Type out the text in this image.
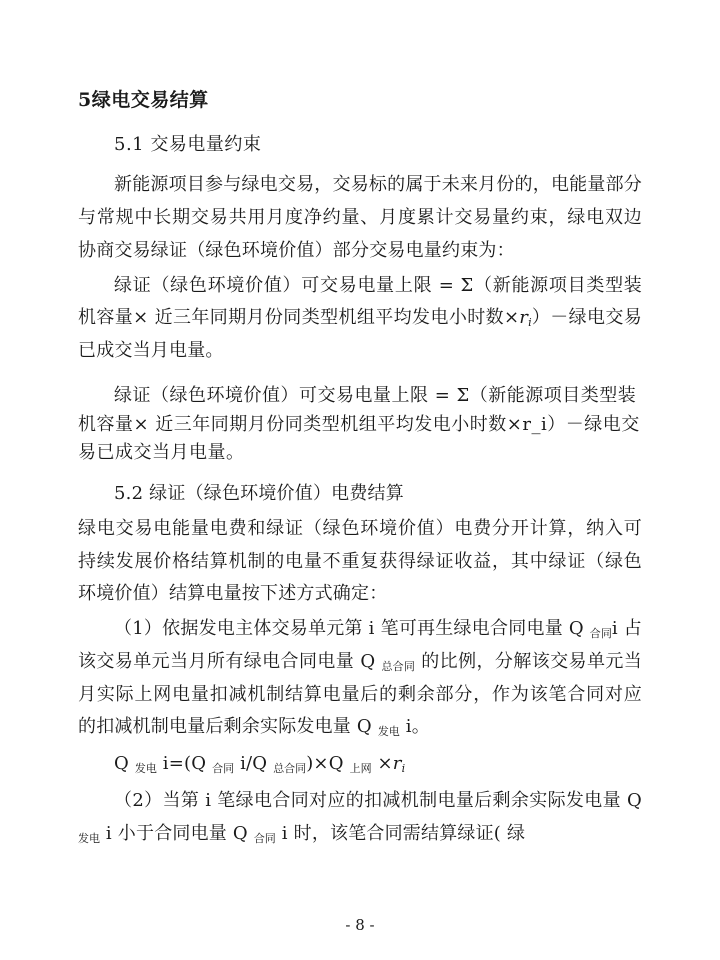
5绿电交易结算
5.1 交易电量约束

新能源项目参与绿电交易，交易标的属于未来月份的，电能量部分与常规中长期交易共用月度净约量、月度累计交易量约束，绿电双边协商交易绿证（绿色环境价值）部分交易电量约束为：

绿证（绿色环境价值）可交易电量上限 = Σ（新能源项目类型装机容量× 近三年同期月份同类型机组平均发电小时数$\times r_i)-$绿电交易已成交当月电量。

绿证（绿色环境价值）可交易电量上限 = Σ（新能源项目类型装机容量× 近三年同期月份同类型机组平均发电小时数×r_i）－绿电交易已成交当月电量。

5.2 绿证（绿色环境价值）电费结算

绿电交易电能量电费和绿证（绿色环境价值）电费分开计算，纳入可持续发展价格结算机制的电量不重复获得绿证收益，其中绿证（绿色环境价值）结算电量按下述方式确定：

（1）依据发电主体交易单元第 i 笔可再生绿电合同电量 Q $_{合同}$i 占该交易单元当月所有绿电合同电量 Q $_{总合同}$ 的比例，分解该交易单元当月实际上网电量扣减机制结算电量后的剩余部分，作为该笔合同对应的扣减机制电量后剩余实际发电量 Q $_{发电}$ i。

Q $_{发电}$ i=(Q $_{合同}$ i/Q $_{总合同}$)×Q $_{上网} \times r_i$

（2）当第 i 笔绿电合同对应的扣减机制电量后剩余实际发电量 Q $_{发电}$ i 小于合同电量 Q $_{合同}$ i 时，该笔合同需结算绿证( 绿

- 8 -
